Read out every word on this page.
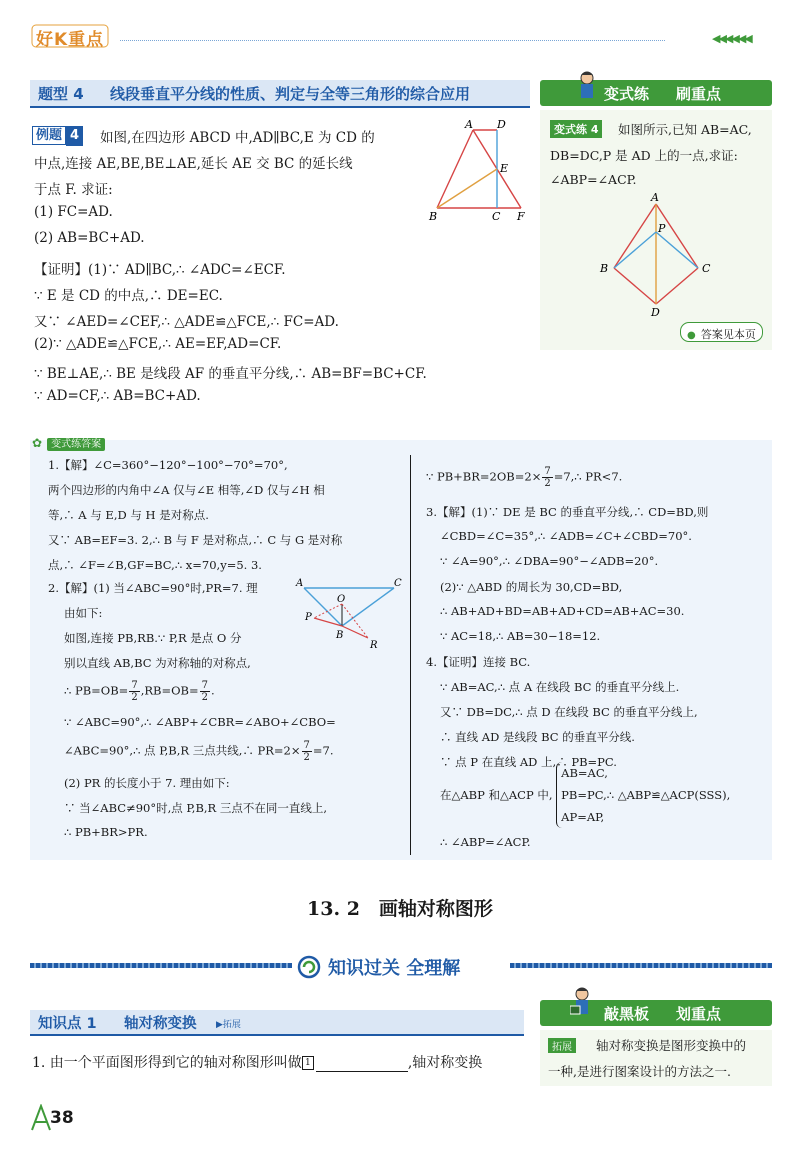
好K重点	◀◀◀◀◀◀
题型 4 线段垂直平分线的性质、判定与全等三角形的综合应用	变式练 刷重点
例题 4 如图,在四边形 ABCD 中,AD∥BC,E 为 CD 的
中点,连接 AE,BE,BE⊥AE,延长 AE 交 BC 的延长线
于点 F. 求证:
(1) FC=AD.
(2) AB=BC+AD.
【证明】(1)∵ AD∥BC,∴ ∠ADC=∠ECF.
∵ E 是 CD 的中点,∴ DE=EC.
又∵ ∠AED=∠CEF,∴ △ADE≌△FCE,∴ FC=AD.
(2)∵ △ADE≌△FCE,∴ AE=EF,AD=CF.
∵ BE⊥AE,∴ BE 是线段 AF 的垂直平分线,∴ AB=BF=BC+CF.
∵ AD=CF,∴ AB=BC+AD.
A D
E
B	C F
变式练 4	如图所示,已知 AB=AC,
DB=DC,P 是 AD 上的一点,求证:
∠ABP=∠ACP.
A
P
B	C
D
● 答案见本页
✿ 变式练答案
1.【解】∠C=360°−120°−100°−70°=70°,
两个四边形的内角中∠A 仅与∠E 相等,∠D 仅与∠H 相
等,∴ A 与 E,D 与 H 是对称点.
又∵ AB=EF=3. 2,∴ B 与 F 是对称点,∴ C 与 G 是对称
点,∴ ∠F=∠B,GF=BC,∴ x=70,y=5. 3.
2.【解】(1) 当∠ABC=90°时,PR=7. 理
由如下:
如图,连接 PB,RB.∵ P,R 是点 O 分
别以直线 AB,BC 为对称轴的对称点,
∴ $PB=OB= \frac{7}{2} ,RB=OB= \frac{7}{2}$ .
∵ ∠ABC=90°,∴ ∠ABP+∠CBR=∠ABO+∠CBO=
∠ABC=90°,∴ 点 P,B,R 三点共线,∴ $PR=2\times \frac{7}{2} =7$.
(2) PR 的长度小于 7. 理由如下:
∵ 当∠ABC≠90°时,点 P,B,R 三点不在同一直线上,
∴ PB+BR>PR.
A	C
O
P
B
R
∵ $PB+BR=2OB=2\times \frac{7}{2}$ =7,∴ PR<7.
3.【解】(1)∵ DE 是 BC 的垂直平分线,∴ CD=BD,则
∠CBD=∠C=35°,∴ ∠ADB=∠C+∠CBD=70°.
∵ ∠A=90°,∴ ∠DBA=90°−∠ADB=20°.
(2)∵ △ABD 的周长为 30,CD=BD,
∴ AB+AD+BD=AB+AD+CD=AB+AC=30.
∵ AC=18,∴ AB=30−18=12.
4.【证明】连接 BC.
∵ AB=AC,∴ 点 A 在线段 BC 的垂直平分线上.
又∵ DB=DC,∴ 点 D 在线段 BC 的垂直平分线上,
∴ 直线 AD 是线段 BC 的垂直平分线.
∵ 点 P 在直线 AD 上,∴ PB=PC.
在△ABP 和△ACP 中,
AB=AC,
PB=PC,∴ △ABP≌△ACP(SSS),
AP=AP,
∴ ∠ABP=∠ACP.
13. 2　画轴对称图形
知识过关 全理解
知识点 1 轴对称变换 ▶拓展
敲黑板 划重点
拓展	轴对称变换是图形变换中的
一种,是进行图案设计的方法之一.
1. 由一个平面图形得到它的轴对称图形叫做 1	,轴对称变换
38
